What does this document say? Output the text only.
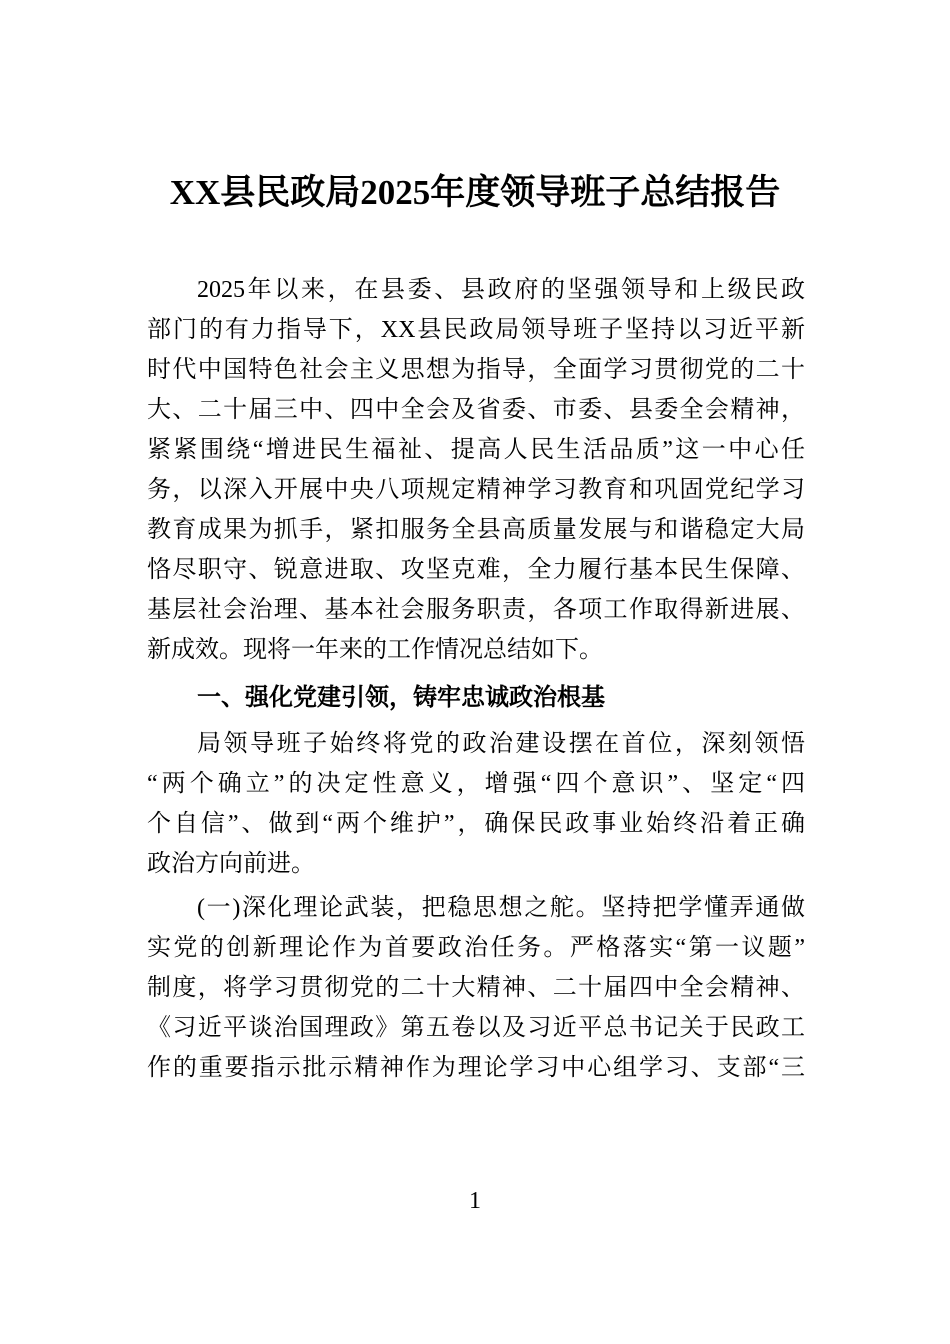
XX县民政局2025年度领导班子总结报告
2025年以来，在县委、县政府的坚强领导和上级民政
部门的有力指导下，XX县民政局领导班子坚持以习近平新
时代中国特色社会主义思想为指导，全面学习贯彻党的二十
大、二十届三中、四中全会及省委、市委、县委全会精神，
紧紧围绕“增进民生福祉、提高人民生活品质”这一中心任
务，以深入开展中央八项规定精神学习教育和巩固党纪学习
教育成果为抓手，紧扣服务全县高质量发展与和谐稳定大局
恪尽职守、锐意进取、攻坚克难，全力履行基本民生保障、
基层社会治理、基本社会服务职责，各项工作取得新进展、
新成效。现将一年来的工作情况总结如下。
一、强化党建引领，铸牢忠诚政治根基
局领导班子始终将党的政治建设摆在首位，深刻领悟
“两个确立”的决定性意义，增强“四个意识”、坚定“四
个自信”、做到“两个维护”，确保民政事业始终沿着正确
政治方向前进。
(一)深化理论武装，把稳思想之舵。坚持把学懂弄通做
实党的创新理论作为首要政治任务。严格落实“第一议题”
制度，将学习贯彻党的二十大精神、二十届四中全会精神、
《习近平谈治国理政》第五卷以及习近平总书记关于民政工
作的重要指示批示精神作为理论学习中心组学习、支部“三
1
